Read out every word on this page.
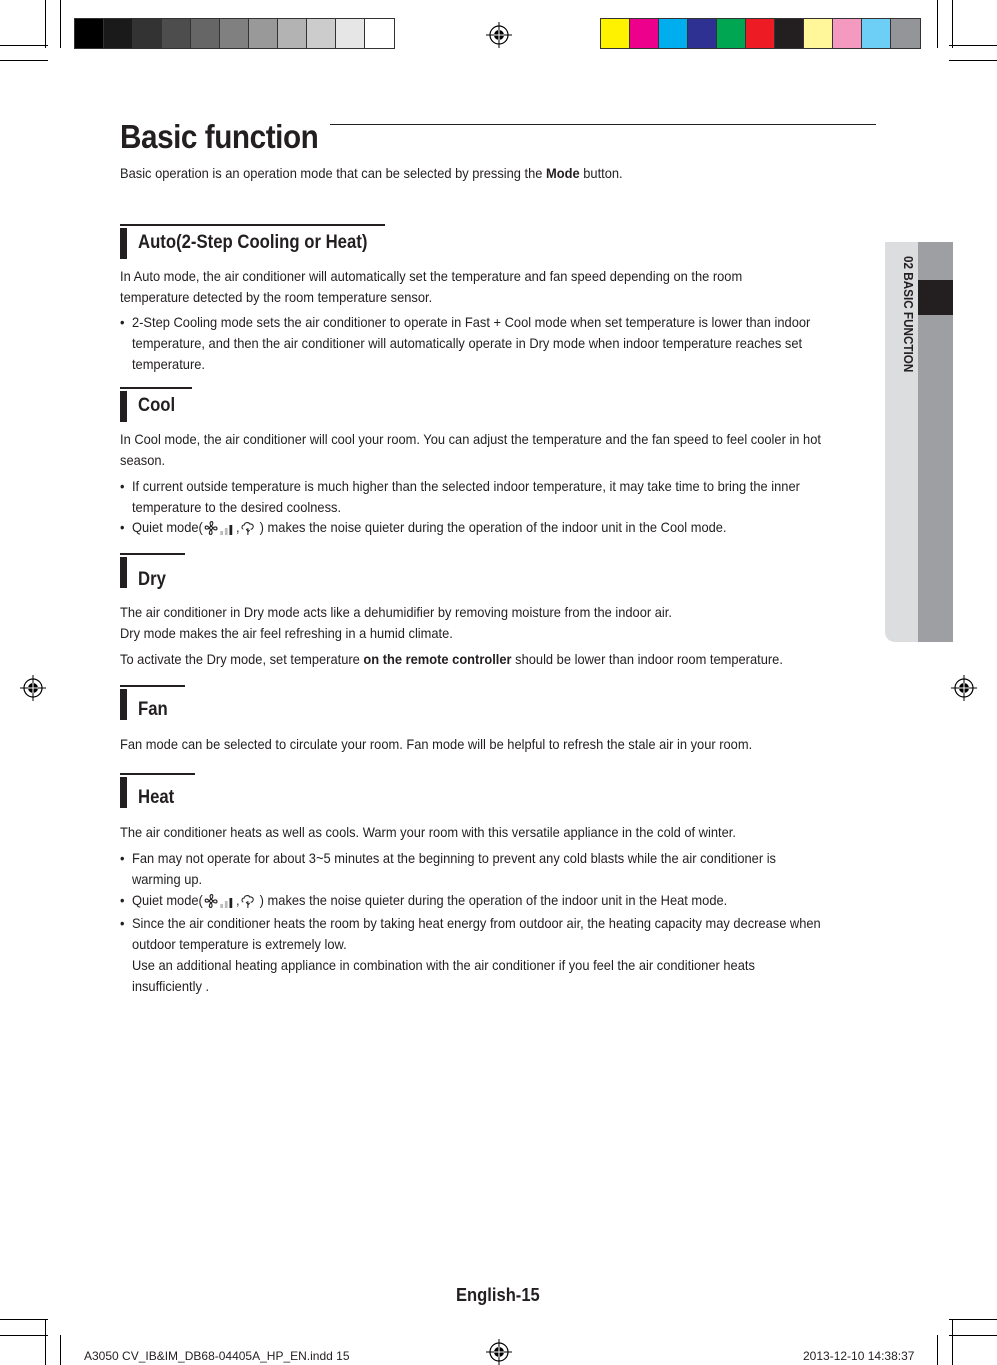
02 BASIC FUNCTION
Basic function
Basic operation is an operation mode that can be selected by pressing the Mode button.
Auto(2-Step Cooling or Heat)

In Auto mode, the air conditioner will automatically set the temperature and fan speed depending on the room temperature detected by the room temperature sensor.

• 2-Step Cooling mode sets the air conditioner to operate in Fast + Cool mode when set temperature is lower than indoor temperature, and then the air conditioner will automatically operate in Dry mode when indoor temperature reaches set temperature.

Cool

In Cool mode, the air conditioner will cool your room. You can adjust the temperature and the fan speed to feel cooler in hot season.

• If current outside temperature is much higher than the selected indoor temperature, it may take time to bring the inner temperature to the desired coolness.

• Quiet mode( , ) makes the noise quieter during the operation of the indoor unit in the Cool mode.

Dry

The air conditioner in Dry mode acts like a dehumidifier by removing moisture from the indoor air.

Dry mode makes the air feel refreshing in a humid climate.

To activate the Dry mode, set temperature on the remote controller should be lower than indoor room temperature.

Fan

Fan mode can be selected to circulate your room. Fan mode will be helpful to refresh the stale air in your room.

Heat

The air conditioner heats as well as cools. Warm your room with this versatile appliance in the cold of winter.

• Fan may not operate for about 3~5 minutes at the beginning to prevent any cold blasts while the air conditioner is warming up.

• Quiet mode( , ) makes the noise quieter during the operation of the indoor unit in the Heat mode.

• Since the air conditioner heats the room by taking heat energy from outdoor air, the heating capacity may decrease when outdoor temperature is extremely low.
Use an additional heating appliance in combination with the air conditioner if you feel the air conditioner heats insufficiently .
English-15
A3050 CV_IB&IM_DB68-04405A_HP_EN.indd 15	2013-12-10 14:38:37
